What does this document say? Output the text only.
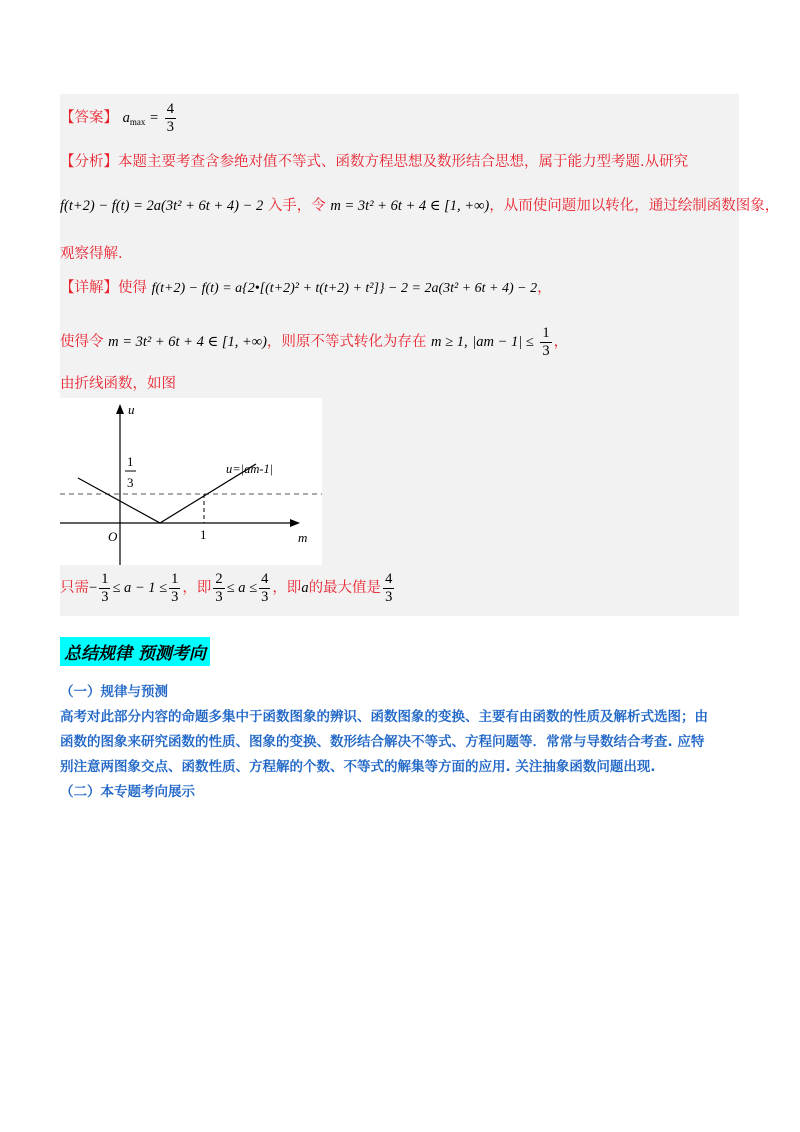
【答案】 $a_{max} = \frac{4}{3}$
【分析】本题主要考查含参绝对值不等式、函数方程思想及数形结合思想，属于能力型考题.从研究
f(t+2) − f(t) = 2a(3t² + 6t + 4) − 2 入手，令 m = 3t² + 6t + 4 ∈ [1, +∞)，从而使问题加以转化，通过绘制函数图象，
观察得解.
【详解】使得 f(t+2) − f(t) = a{2•[(t+2)² + t(t+2) + t²]} − 2 = 2a(3t² + 6t + 4) − 2，
使得令 m = 3t² + 6t + 4 ∈ [1, +∞)，则原不等式转化为存在 m ≥ 1, $|am - 1| \le \frac{1}{3}$ ，
由折线函数，如图
u
m
O	1
1
3
u=|am-1|
只需− $\frac{1}{3} \le a - 1 \le \frac{1}{3}$ ，即 $\frac{2}{3} \le a \le \frac{4}{3}$ ，即a的最大值是 $\frac{4}{3}$
总结规律 预测考向
（一）规律与预测
高考对此部分内容的命题多集中于函数图象的辨识、函数图象的变换、主要有由函数的性质及解析式选图；由
函数的图象来研究函数的性质、图象的变换、数形结合解决不等式、方程问题等．常常与导数结合考查. 应特
别注意两图象交点、函数性质、方程解的个数、不等式的解集等方面的应用. 关注抽象函数问题出现.
（二）本专题考向展示
